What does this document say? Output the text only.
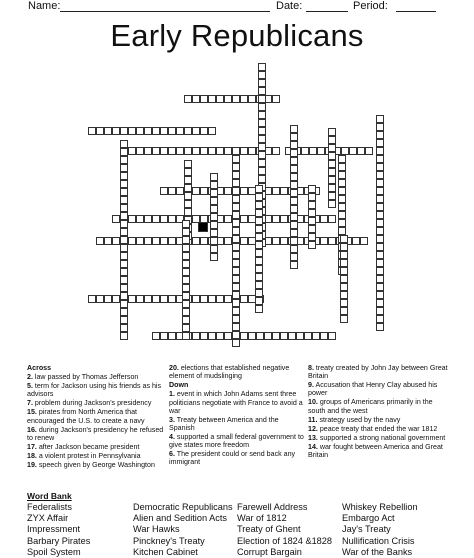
Name:	Date:	Period:
Early Republicans
Across
2. law passed by Thomas Jefferson
5. term for Jackson using his friends as his advisors
7. problem during Jackson's presidency
15. pirates from North America that encouraged the U.S. to create a navy
16. during Jackson's presidency he refused to renew
17. after Jackson became president
18. a violent protest in Pennsylvania
19. speech given by George Washington
20. elections that established negative element of mudslinging
Down
1. event in which John Adams sent three politicians negotiate with France to avoid a war
3. Treaty between America and the Spanish
4. supported a small federal government to give states more freedom
6. The president could or send back any immigrant
8. treaty created by John Jay between Great Britain
9. Accusation that Henry Clay abused his power
10. groups of Americans primarily in the south and the west
11. strategy used by the navy
12. peace treaty that ended the war 1812
13. supported a strong national government
14. war fought between America and Great Britain
Word Bank
Federalists
ZYX Affair
Impressment
Barbary Pirates
Spoil System
Democratic Republicans
Alien and Sedition Acts
War Hawks
Pinckney's Treaty
Kitchen Cabinet
Farewell Address
War of 1812
Treaty of Ghent
Election of 1824 &1828
Corrupt Bargain
Whiskey Rebellion
Embargo Act
Jay's Treaty
Nullification Crisis
War of the Banks
